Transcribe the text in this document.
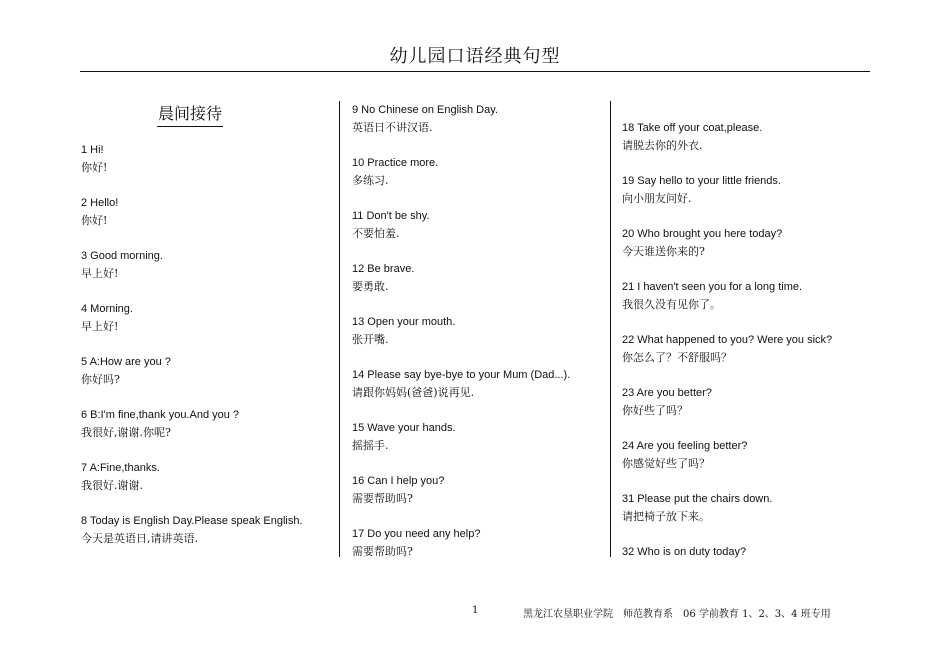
幼儿园口语经典句型
晨间接待
1 Hi!
你好!
2 Hello!
你好!
3 Good morning.
早上好!
4 Morning.
早上好!
5 A:How are you ?
你好吗?
6 B:I'm fine,thank you.And you ?
我很好,谢谢.你呢?
7 A:Fine,thanks.
我很好.谢谢.
8 Today is English Day.Please speak English.
今天是英语日,请讲英语.
9 No Chinese on English Day.
英语日不讲汉语.
10 Practice more.
多练习.
11 Don't be shy.
不要怕羞.
12 Be brave.
要勇敢.
13 Open your mouth.
张开嘴.
14 Please say bye-bye to your Mum (Dad...).
请跟你妈妈(爸爸)说再见.
15 Wave your hands.
摇摇手.
16 Can I help you?
需要帮助吗?
17 Do you need any help?
需要帮助吗?
18 Take off your coat,please.
请脱去你的外衣.
19 Say hello to your little friends.
向小朋友问好.
20 Who brought you here today?
今天谁送你来的?
21 I haven't seen you for a long time.
我很久没有见你了。
22 What happened to you? Were you sick?
你怎么了？不舒服吗？
23 Are you better?
你好些了吗？
24 Are you feeling better?
你感觉好些了吗？
31 Please put the chairs down.
请把椅子放下来。
32 Who is on duty today?
1	黑龙江农垦职业学院　师范教育系　06 学前教育 1、2、3、4 班专用
